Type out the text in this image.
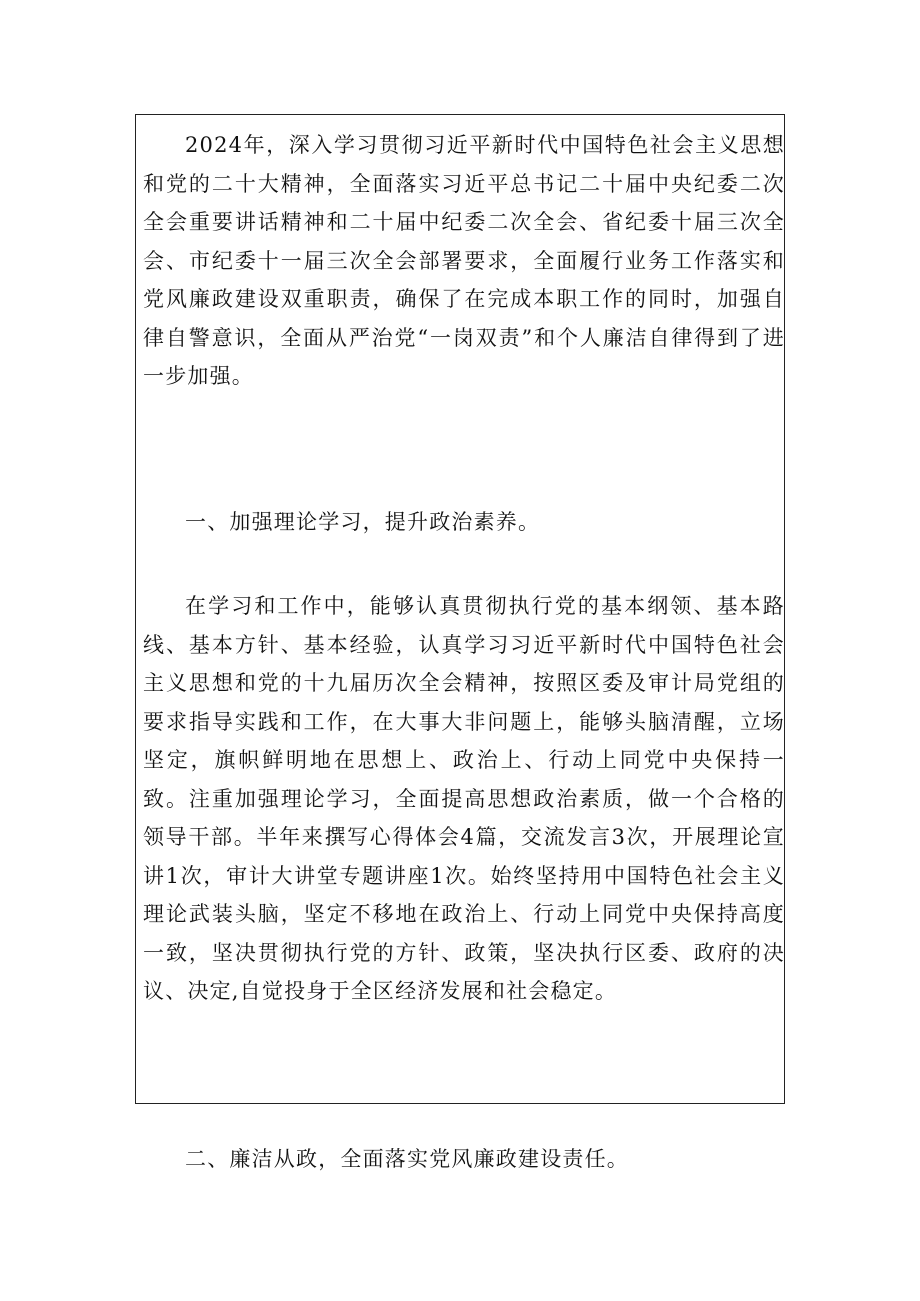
2024年，深入学习贯彻习近平新时代中国特色社会主义思想和党的二十大精神，全面落实习近平总书记二十届中央纪委二次全会重要讲话精神和二十届中纪委二次全会、省纪委十届三次全会、市纪委十一届三次全会部署要求，全面履行业务工作落实和党风廉政建设双重职责，确保了在完成本职工作的同时，加强自律自警意识，全面从严治党“一岗双责”和个人廉洁自律得到了进一步加强。

一、加强理论学习，提升政治素养。

在学习和工作中，能够认真贯彻执行党的基本纲领、基本路线、基本方针、基本经验，认真学习习近平新时代中国特色社会主义思想和党的十九届历次全会精神，按照区委及审计局党组的要求指导实践和工作，在大事大非问题上，能够头脑清醒，立场坚定，旗帜鲜明地在思想上、政治上、行动上同党中央保持一致。注重加强理论学习，全面提高思想政治素质，做一个合格的领导干部。半年来撰写心得体会4篇，交流发言3次，开展理论宣讲1次，审计大讲堂专题讲座1次。始终坚持用中国特色社会主义理论武装头脑，坚定不移地在政治上、行动上同党中央保持高度一致，坚决贯彻执行党的方针、政策，坚决执行区委、政府的决议、决定,自觉投身于全区经济发展和社会稳定。

二、廉洁从政，全面落实党风廉政建设责任。
